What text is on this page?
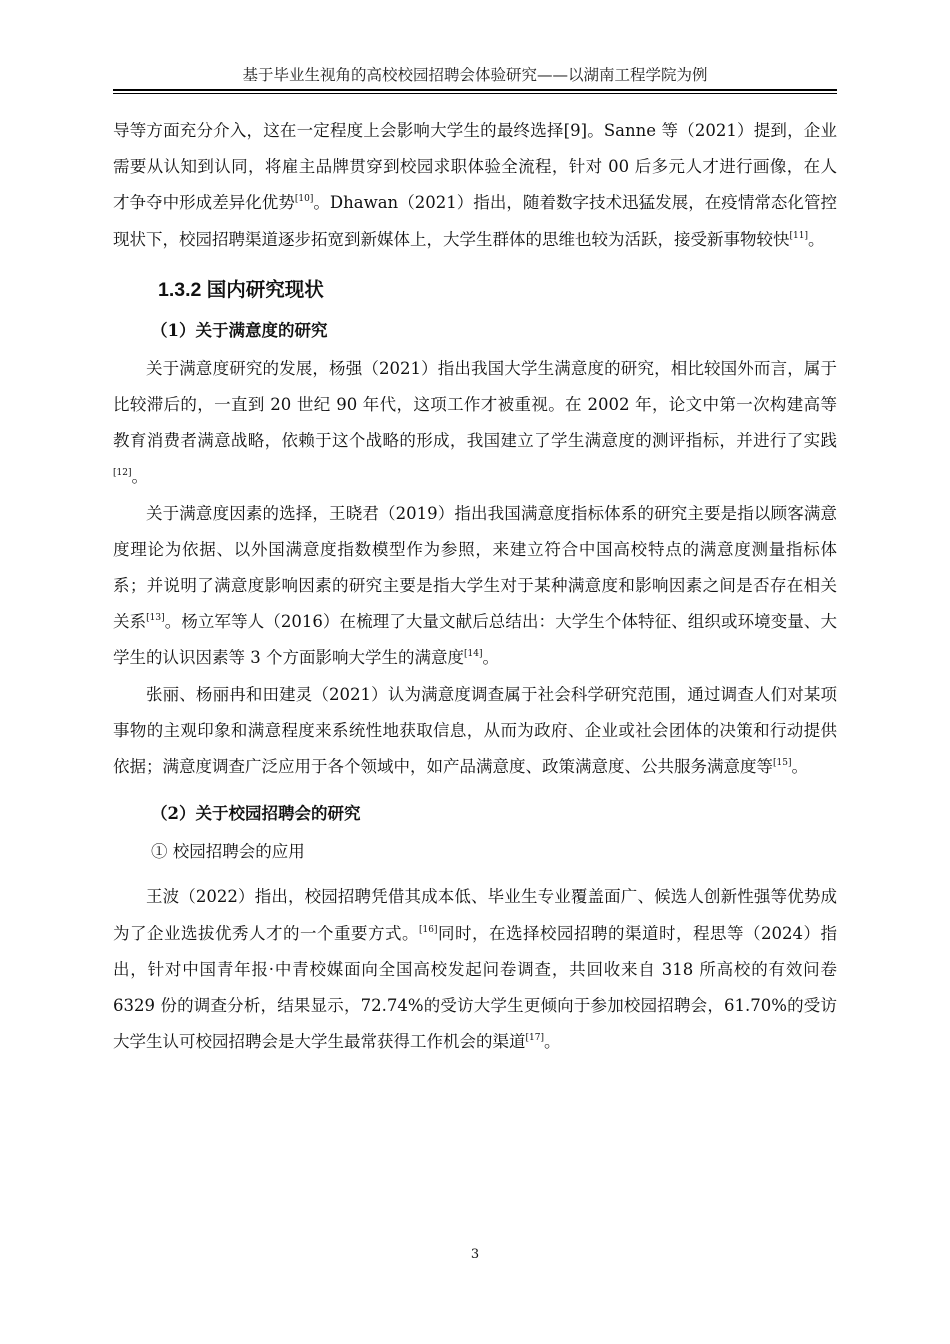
基于毕业生视角的高校校园招聘会体验研究——以湖南工程学院为例

导等方面充分介入，这在一定程度上会影响大学生的最终选择[9]。Sanne 等（2021）提到，企业需要从认知到认同，将雇主品牌贯穿到校园求职体验全流程，针对 00 后多元人才进行画像，在人才争夺中形成差异化优势[10]。Dhawan（2021）指出，随着数字技术迅猛发展，在疫情常态化管控现状下，校园招聘渠道逐步拓宽到新媒体上，大学生群体的思维也较为活跃，接受新事物较快[11]。

1.3.2 国内研究现状
（1）关于满意度的研究

关于满意度研究的发展，杨强（2021）指出我国大学生满意度的研究，相比较国外而言，属于比较滞后的，一直到 20 世纪 90 年代，这项工作才被重视。在 2002 年，论文中第一次构建高等教育消费者满意战略，依赖于这个战略的形成，我国建立了学生满意度的测评指标，并进行了实践[12]。

关于满意度因素的选择，王晓君（2019）指出我国满意度指标体系的研究主要是指以顾客满意度理论为依据、以外国满意度指数模型作为参照，来建立符合中国高校特点的满意度测量指标体系；并说明了满意度影响因素的研究主要是指大学生对于某种满意度和影响因素之间是否存在相关关系[13]。杨立军等人（2016）在梳理了大量文献后总结出：大学生个体特征、组织或环境变量、大学生的认识因素等 3 个方面影响大学生的满意度[14]。

张丽、杨丽冉和田建灵（2021）认为满意度调查属于社会科学研究范围，通过调查人们对某项事物的主观印象和满意程度来系统性地获取信息，从而为政府、企业或社会团体的决策和行动提供依据；满意度调查广泛应用于各个领域中，如产品满意度、政策满意度、公共服务满意度等[15]。

（2）关于校园招聘会的研究

① 校园招聘会的应用

王波（2022）指出，校园招聘凭借其成本低、毕业生专业覆盖面广、候选人创新性强等优势成为了企业选拔优秀人才的一个重要方式。[16]同时，在选择校园招聘的渠道时，程思等（2024）指出，针对中国青年报·中青校媒面向全国高校发起问卷调查，共回收来自 318 所高校的有效问卷 6329 份的调查分析，结果显示，72.74%的受访大学生更倾向于参加校园招聘会，61.70%的受访大学生认可校园招聘会是大学生最常获得工作机会的渠道[17]。

3
